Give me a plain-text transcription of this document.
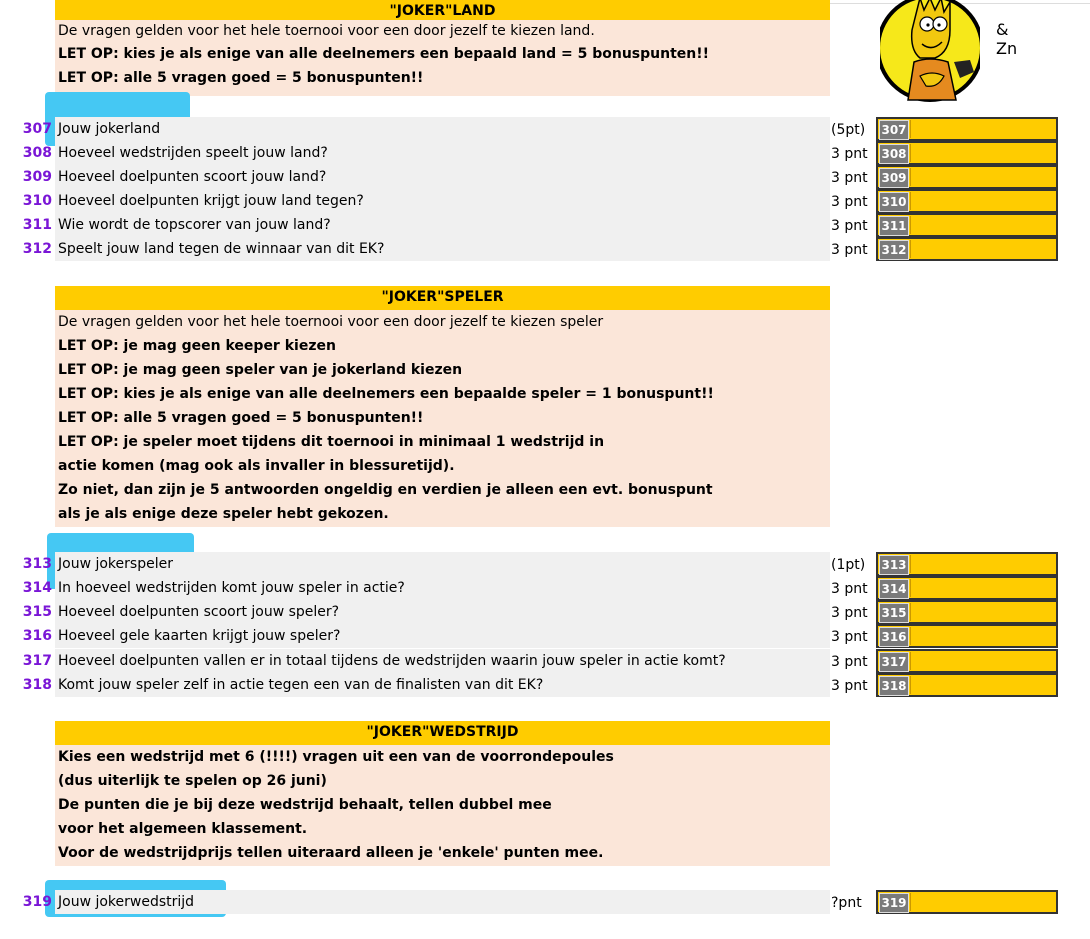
& Zn
"JOKER"LAND
De vragen gelden voor het hele toernooi voor een door jezelf te kiezen land.
LET OP: kies je als enige van alle deelnemers een bepaald land = 5 bonuspunten!!
LET OP: alle 5 vragen goed = 5 bonuspunten!!
307 Jouw jokerland	(5pt) 307
308 Hoeveel wedstrijden speelt jouw land?	3 pnt 308
309 Hoeveel doelpunten scoort jouw land?	3 pnt 309
310 Hoeveel doelpunten krijgt jouw land tegen?	3 pnt 310
311 Wie wordt de topscorer van jouw land?	3 pnt 311
312 Speelt jouw land tegen de winnaar van dit EK?	3 pnt 312
"JOKER"SPELER
De vragen gelden voor het hele toernooi voor een door jezelf te kiezen speler
LET OP: je mag geen keeper kiezen
LET OP: je mag geen speler van je jokerland kiezen
LET OP: kies je als enige van alle deelnemers een bepaalde speler = 1 bonuspunt!!
LET OP: alle 5 vragen goed = 5 bonuspunten!!
LET OP: je speler moet tijdens dit toernooi in minimaal 1 wedstrijd in
actie komen (mag ook als invaller in blessuretijd).
Zo niet, dan zijn je 5 antwoorden ongeldig en verdien je alleen een evt. bonuspunt
als je als enige deze speler hebt gekozen.
313 Jouw jokerspeler	(1pt) 313
314 In hoeveel wedstrijden komt jouw speler in actie?	3 pnt 314
315 Hoeveel doelpunten scoort jouw speler?	3 pnt 315
316 Hoeveel gele kaarten krijgt jouw speler?	3 pnt 316
317 Hoeveel doelpunten vallen er in totaal tijdens de wedstrijden waarin jouw speler in actie komt?	3 pnt 317
318 Komt jouw speler zelf in actie tegen een van de finalisten van dit EK?	3 pnt 318
"JOKER"WEDSTRIJD
Kies een wedstrijd met 6 (!!!!) vragen uit een van de voorrondepoules
(dus uiterlijk te spelen op 26 juni)
De punten die je bij deze wedstrijd behaalt, tellen dubbel mee
voor het algemeen klassement.
Voor de wedstrijdprijs tellen uiteraard alleen je 'enkele' punten mee.
319 Jouw jokerwedstrijd	?pnt 319
